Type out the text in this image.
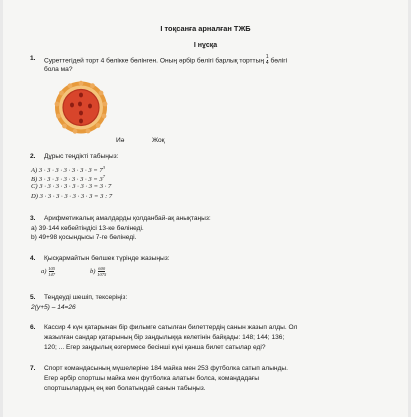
I тоқсанға арналған ТЖБ
I нұсқа
1. Суреттегідей торт 4 бөлікке бөлінген. Оның әрбір бөлігі барлық торттың $\frac{1}{4}$ бөлігі
бола ма?
Иә	Жоқ
2. Дұрыс теңдікті табыңыз:
A) $3 \cdot 3 \cdot 3 \cdot 3 \cdot 3 \cdot 3 \cdot 3 = 7^3$
B) $3 \cdot 3 \cdot 3 \cdot 3 \cdot 3 \cdot 3 \cdot 3 = 3^7$
C) 3 · 3 · 3 · 3 · 3 · 3 · 3 = 3 · 7
D) 3 · 3 · 3 · 3 · 3 · 3 · 3 = 3 : 7
3. Арифметикалық амалдарды қолданбай-ақ анықтаңыз:
a) 39·144 көбейтіндісі 13-ке бөлінеді.
b) 49+98 қосындысы 7-ге бөлінеді.
4. Қысқармайтын бөлшек түрінде жазыңыз:
$a) \frac{105}{147}$	$b) \frac{600}{1075}$
5. Теңдеуді шешіп, тексеріңіз:
2(y+5) – 14=26
6. Кассир 4 күн қатарынан бір фильмге сатылған билеттердің санын жазып алды. Ол
жазылған сандар қатарының бір заңдылыққа келетінін байқады: 148; 144; 136;
120; ... Егер заңдылық өзгермесе бесінші күні қанша билет сатылар еді?
7. Спорт командасының мүшелеріне 184 майка мен 253 футболка сатып алынды.
Егер әрбір спортшы майка мен футболка алатын болса, командадағы
спортшылардың ең көп болатындай санын табыңыз.
